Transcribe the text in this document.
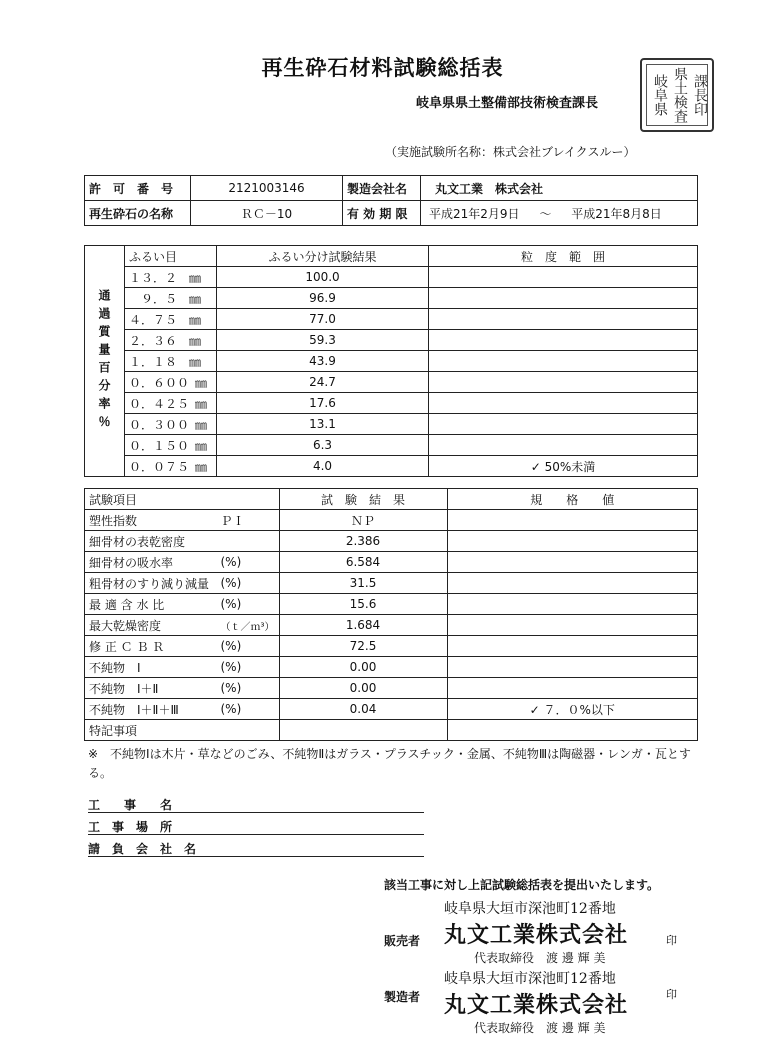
再生砕石材料試験総括表
岐阜県県土整備部技術検査課長	岐阜県 県土検査 課長印
（実施試験所名称：株式会社ブレイクスルー）
許　可　番　号	2121003146	製造会社名	丸文工業　株式会社
再生砕石の名称	ＲＣ－10	有 効 期 限	平成21年2月9日 ～ 平成21年8月8日
通過質量百分率％	ふるい目	ふるい分け試験結果	粒　度　範　囲
	１３．２  ㎜	100.0	
	　９．５  ㎜	96.9	
	４．７５  ㎜	77.0	
	２．３６  ㎜	59.3	
	１．１８  ㎜	43.9	
	０．６００  ㎜	24.7	
	０．４２５  ㎜	17.6	
	０．３００  ㎜	13.1	
	０．１５０  ㎜	6.3	
	０．０７５  ㎜	4.0	✓ 50%未満
試験項目		試　験　結　果	規　　格　　値
塑性指数	ＰＩ	ＮＰ	
細骨材の表乾密度		2.386	
細骨材の吸水率	(%)	6.584	
粗骨材のすり減り減量	(%)	31.5	
最 適 含 水 比	(%)	15.6	
最大乾燥密度	（ｔ／ｍ³）	1.684	
修 正 Ｃ Ｂ Ｒ	(%)	72.5	
不純物　Ⅰ	(%)	0.00	
不純物　Ⅰ＋Ⅱ	(%)	0.00	
不純物　Ⅰ＋Ⅱ＋Ⅲ	(%)	0.04	✓ ７．０%以下
特記事項			
※　不純物Ⅰは木片・草などのごみ、不純物Ⅱはガラス・プラスチック・金属、不純物Ⅲは陶磁器・レンガ・瓦とする。
工　　事　　名
工　事　場　所
請　負　会　社　名
該当工事に対し上記試験総括表を提出いたします。
販売者
岐阜県大垣市深池町12番地
丸文工業株式会社
代表取締役　渡 邊 輝 美
印
製造者
岐阜県大垣市深池町12番地
丸文工業株式会社
代表取締役　渡 邊 輝 美
印
